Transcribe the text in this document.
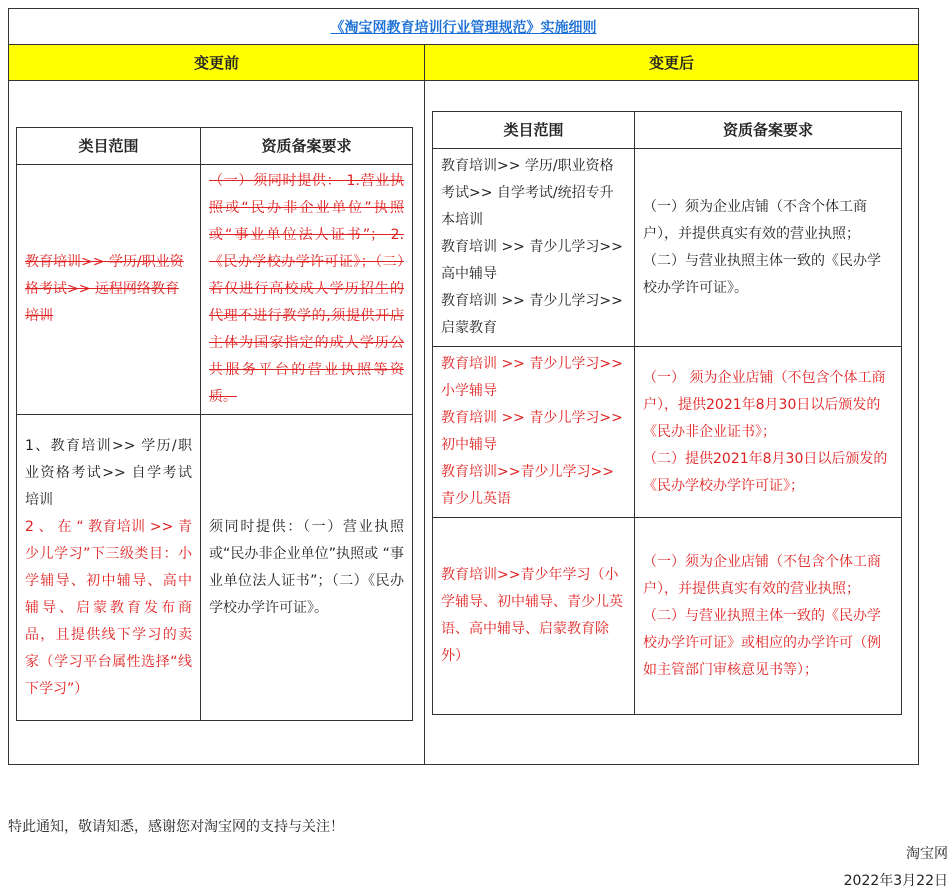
《淘宝网教育培训行业管理规范》实施细则
变更前	变更后
类目范围	资质备案要求
教育培训>> 学历/职业资格考试>> 远程网络教育培训	（一）须同时提供： 1.营业执照或“民办非企业单位”执照或“事业单位法人证书”； 2.《民办学校办学许可证》；（二）若仅进行高校成人学历招生的代理不进行教学的,须提供开店主体为国家指定的成人学历公共服务平台的营业执照等资质。

1、教育培训>> 学历/职业资格考试>> 自学考试培训
2 、 在 “ 教育培训 >> 青少儿学习”下三级类目：小学辅导、初中辅导、高中辅导、启蒙教育发布商品，且提供线下学习的卖家（学习平台属性选择“线下学习”）	须同时提供：（一）营业执照或“民办非企业单位”执照或 “事业单位法人证书”；（二）《民办学校办学许可证》。
类目范围	资质备案要求

教育培训>> 学历/职业资格考试>> 自学考试/统招专升本培训
教育培训 >> 青少儿学习>>高中辅导
教育培训 >> 青少儿学习>>启蒙教育	（一）须为企业店铺（不含个体工商户），并提供真实有效的营业执照；
（二）与营业执照主体一致的《民办学校办学许可证》。

教育培训 >> 青少儿学习>>小学辅导
教育培训 >> 青少儿学习>>初中辅导
教育培训>>青少儿学习>>青少儿英语	（一） 须为企业店铺（不包含个体工商户），提供2021年8月30日以后颁发的《民办非企业证书》；
（二）提供2021年8月30日以后颁发的《民办学校办学许可证》；

教育培训>>青少年学习（小学辅导、初中辅导、青少儿英语、高中辅导、启蒙教育除外）	（一）须为企业店铺（不包含个体工商户），并提供真实有效的营业执照；
（二）与营业执照主体一致的《民办学校办学许可证》或相应的办学许可（例如主管部门审核意见书等）；
特此通知，敬请知悉，感谢您对淘宝网的支持与关注！
淘宝网
2022年3月22日
